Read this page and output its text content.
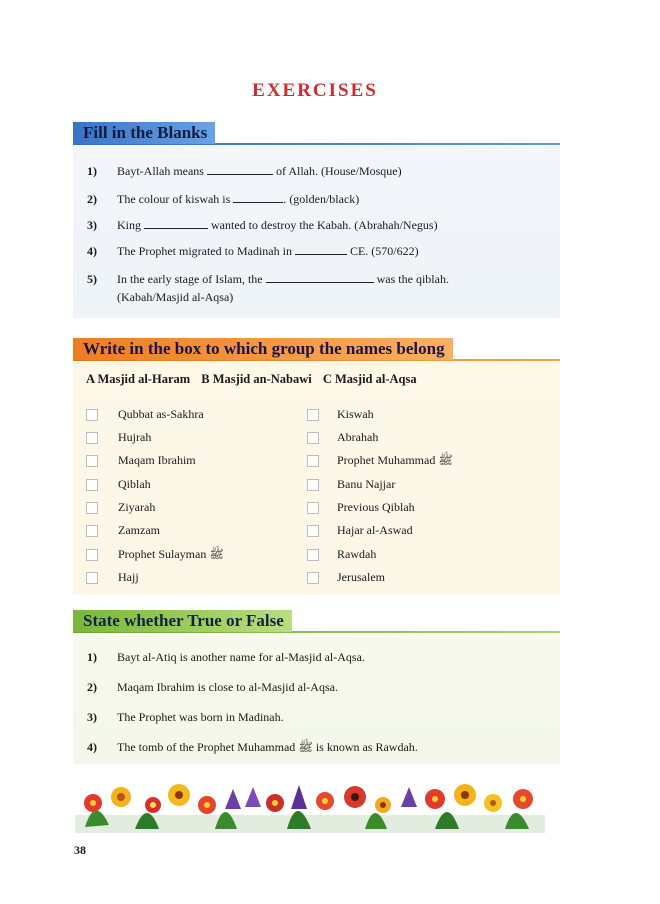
EXERCISES
Fill in the Blanks
1)	Bayt-Allah means	of Allah. (House/Mosque)
2)	The colour of kiswah is	. (golden/black)
3)	King	wanted to destroy the Kabah. (Abrahah/Negus)
4)	The Prophet migrated to Madinah in	CE. (570/622)
5)	In the early stage of Islam, the	was the qiblah.
(Kabah/Masjid al-Aqsa)
Write in the box to which group the names belong
A Masjid al-Haram B Masjid an-Nabawi C Masjid al-Aqsa
Qubbat as-Sakhra
Hujrah
Maqam Ibrahim
Qiblah
Ziyarah
Zamzam
Prophet Sulayman ﷺ
Hajj
Kiswah
Abrahah
Prophet Muhammad ﷺ
Banu Najjar
Previous Qiblah
Hajar al-Aswad
Rawdah
Jerusalem
State whether True or False
1)	Bayt al-Atiq is another name for al-Masjid al-Aqsa.
2)	Maqam Ibrahim is close to al-Masjid al-Aqsa.
3)	The Prophet was born in Madinah.
4)	The tomb of the Prophet Muhammad ﷺ is known as Rawdah.
38
